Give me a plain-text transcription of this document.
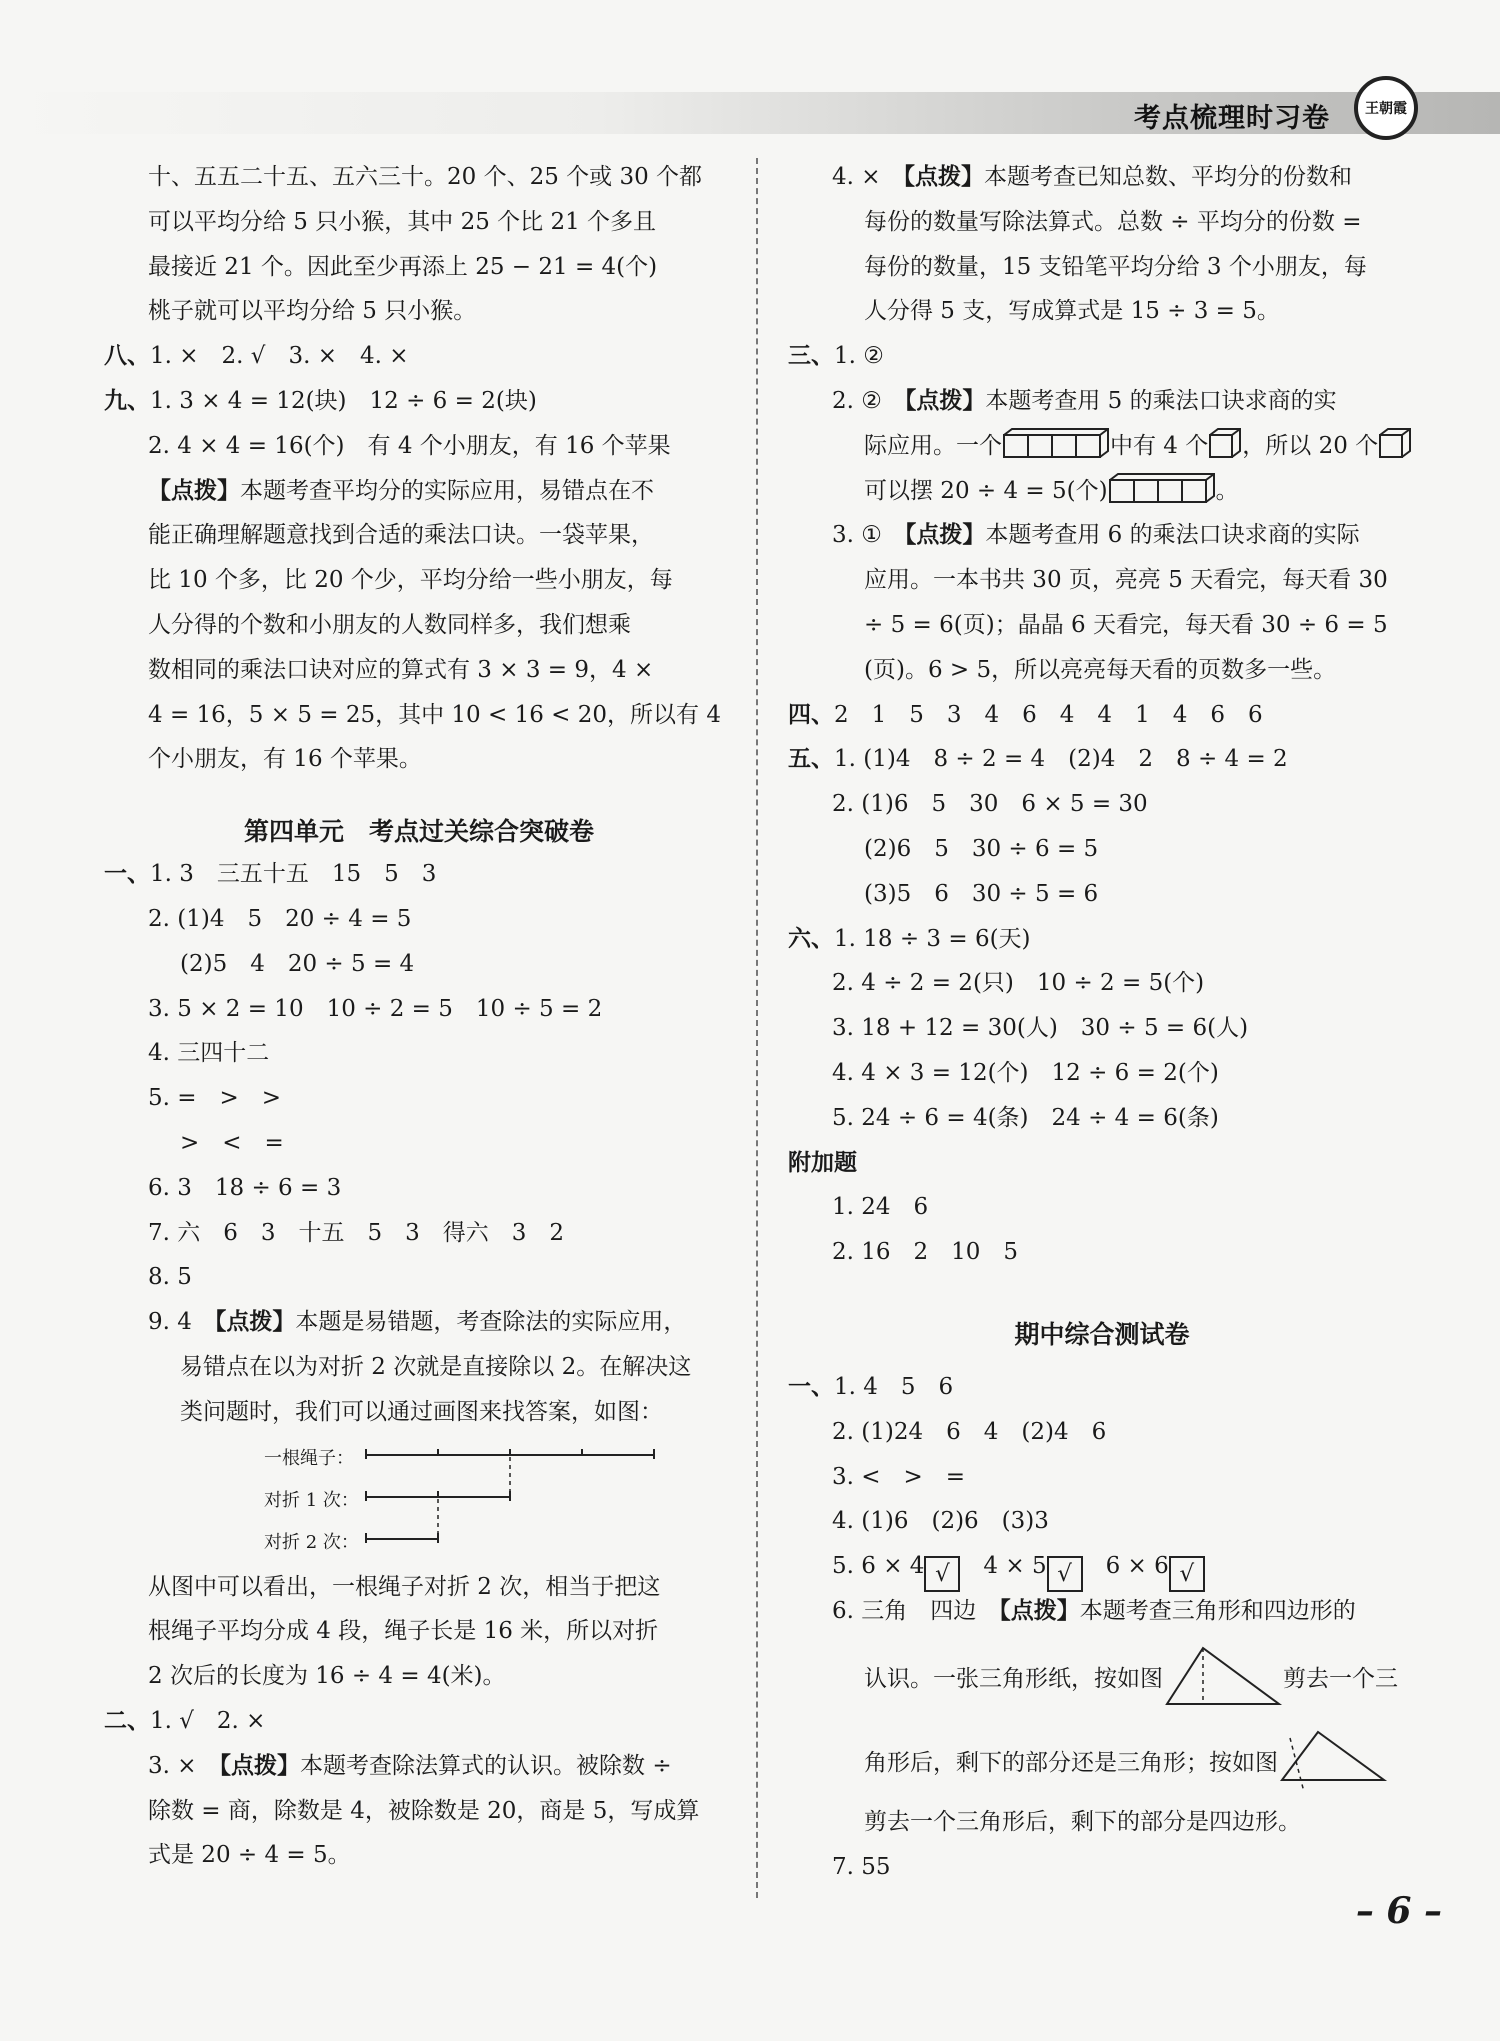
考点梳理时习卷	王朝霞
十、五五二十五、五六三十。20 个、25 个或 30 个都
可以平均分给 5 只小猴，其中 25 个比 21 个多且
最接近 21 个。因此至少再添上 25 − 21 = 4(个)
桃子就可以平均分给 5 只小猴。
八、1. ×　2. √　3. ×　4. ×
九、1. 3 × 4 = 12(块)　12 ÷ 6 = 2(块)
2. 4 × 4 = 16(个)　有 4 个小朋友，有 16 个苹果
【点拨】本题考查平均分的实际应用，易错点在不
能正确理解题意找到合适的乘法口诀。一袋苹果，
比 10 个多，比 20 个少，平均分给一些小朋友，每
人分得的个数和小朋友的人数同样多，我们想乘
数相同的乘法口诀对应的算式有 3 × 3 = 9，4 ×
4 = 16，5 × 5 = 25，其中 10 < 16 < 20，所以有 4
个小朋友，有 16 个苹果。
第四单元　考点过关综合突破卷
一、1. 3　三五十五　15　5　3
2. (1)4　5　20 ÷ 4 = 5
(2)5　4　20 ÷ 5 = 4
3. 5 × 2 = 10　10 ÷ 2 = 5　10 ÷ 5 = 2
4. 三四十二
5. =　>　>
>　<　=
6. 3　18 ÷ 6 = 3
7. 六　6　3　十五　5　3　得六　3　2
8. 5
9. 4　 【点拨】本题是易错题，考查除法的实际应用，
易错点在以为对折 2 次就是直接除以 2。在解决这
类问题时，我们可以通过画图来找答案，如图：
一根绳子：
对折 1 次：
对折 2 次：
从图中可以看出，一根绳子对折 2 次，相当于把这
根绳子平均分成 4 段，绳子长是 16 米，所以对折
2 次后的长度为 16 ÷ 4 = 4(米)。
二、1. √　2. ×
3. ×　 【点拨】本题考查除法算式的认识。被除数 ÷
除数 = 商，除数是 4，被除数是 20，商是 5，写成算
式是 20 ÷ 4 = 5。
4. ×　 【点拨】本题考查已知总数、平均分的份数和
每份的数量写除法算式。总数 ÷ 平均分的份数 =
每份的数量，15 支铅笔平均分给 3 个小朋友，每
人分得 5 支，写成算式是 15 ÷ 3 = 5。
三、1. ②
2. ②　 【点拨】本题考查用 5 的乘法口诀求商的实
际应用。一个	中有 4 个 ，所以 20 个
可以摆 20 ÷ 4 = 5(个)	。
3. ①　 【点拨】本题考查用 6 的乘法口诀求商的实际
应用。一本书共 30 页，亮亮 5 天看完，每天看 30
÷ 5 = 6(页)；晶晶 6 天看完，每天看 30 ÷ 6 = 5
(页)。6 > 5，所以亮亮每天看的页数多一些。
四、2　1　5　3　4　6　4　4　1　4　6　6
五、1. (1)4　8 ÷ 2 = 4　(2)4　2　8 ÷ 4 = 2
2. (1)6　5　30　6 × 5 = 30
(2)6　5　30 ÷ 6 = 5
(3)5　6　30 ÷ 5 = 6
六、1. 18 ÷ 3 = 6(天)
2. 4 ÷ 2 = 2(只)　10 ÷ 2 = 5(个)
3. 18 + 12 = 30(人)　30 ÷ 5 = 6(人)
4. 4 × 3 = 12(个)　12 ÷ 6 = 2(个)
5. 24 ÷ 6 = 4(条)　24 ÷ 4 = 6(条)
附加题
1. 24　6
2. 16　2　10　5
期中综合测试卷
一、1. 4　5　6
2. (1)24　6　4　(2)4　6
3. <　>　=
4. (1)6　(2)6　(3)3
5. 6 × 4 √　 4 × 5 √　 6 × 6 √
6. 三角　四边　 【点拨】本题考查三角形和四边形的
认识。一张三角形纸，按如图	剪去一个三
角形后，剩下的部分还是三角形；按如图
剪去一个三角形后，剩下的部分是四边形。
7. 55
– 6 –
